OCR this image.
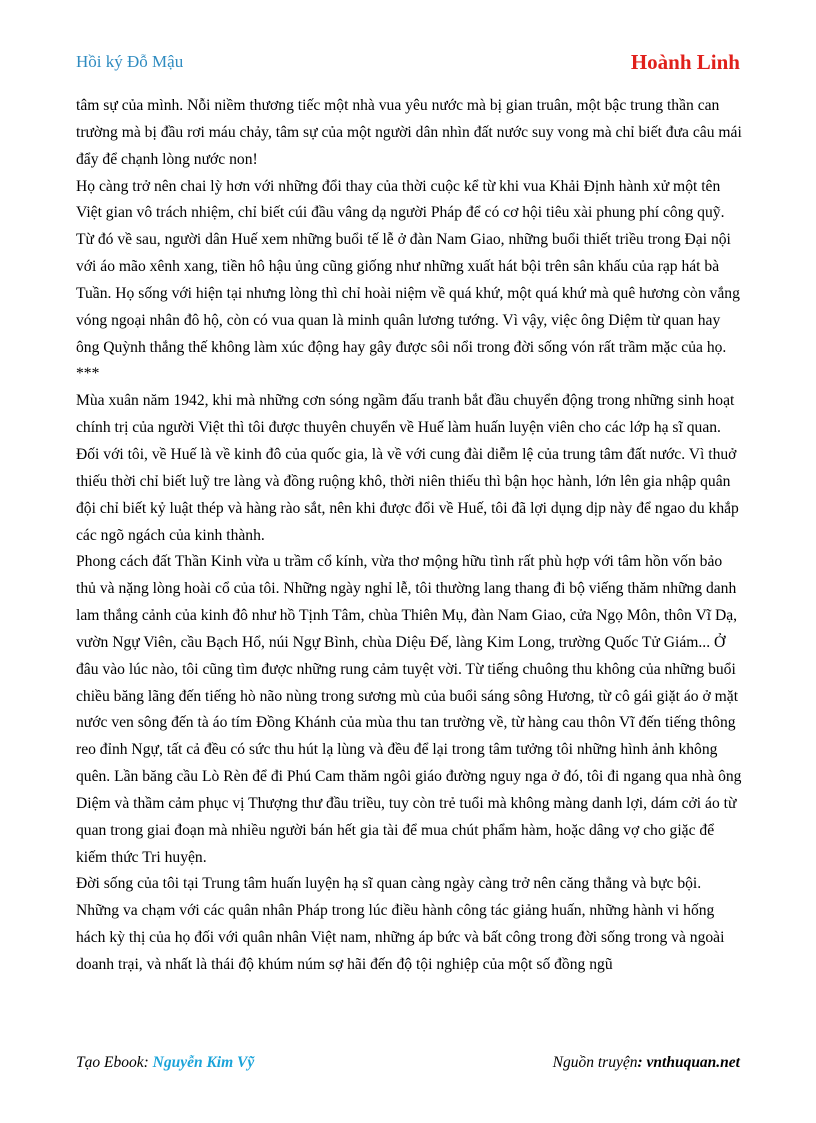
Hồi ký Đỗ Mậu	Hoành Linh

tâm sự của mình. Nỗi niềm thương tiếc một nhà vua yêu nước mà bị gian truân, một bậc trung thần can trường mà bị đầu rơi máu chảy, tâm sự của một người dân nhìn đất nước suy vong mà chỉ biết đưa câu mái đẩy để chạnh lòng nước non!

Họ càng trở nên chai lỳ hơn với những đổi thay của thời cuộc kể từ khi vua Khải Định hành xử một tên Việt gian vô trách nhiệm, chỉ biết cúi đầu vâng dạ người Pháp để có cơ hội tiêu xài phung phí công quỹ. Từ đó về sau, người dân Huế xem những buổi tế lễ ở đàn Nam Giao, những buổi thiết triều trong Đại nội với áo mão xênh xang, tiền hô hậu ủng cũng giống như những xuất hát bội trên sân khấu của rạp hát bà Tuần. Họ sống với hiện tại nhưng lòng thì chỉ hoài niệm về quá khứ, một quá khứ mà quê hương còn vắng vóng ngoại nhân đô hộ, còn có vua quan là minh quân lương tướng. Vì vậy, việc ông Diệm từ quan hay ông Quỳnh thắng thế không làm xúc động hay gây được sôi nổi trong đời sống vón rất trầm mặc của họ.

***

Mùa xuân năm 1942, khi mà những cơn sóng ngầm đấu tranh bắt đầu chuyển động trong những sinh hoạt chính trị của người Việt thì tôi được thuyên chuyển về Huế làm huấn luyện viên cho các lớp hạ sĩ quan. Đối với tôi, về Huế là về kinh đô của quốc gia, là về với cung đài diễm lệ của trung tâm đất nước. Vì thuở thiếu thời chỉ biết luỹ tre làng và đồng ruộng khô, thời niên thiếu thì bận học hành, lớn lên gia nhập quân đội chỉ biết kỷ luật thép và hàng rào sắt, nên khi được đổi về Huế, tôi đã lợi dụng dịp này để ngao du khắp các ngõ ngách của kinh thành.

Phong cách đất Thần Kinh vừa u trầm cổ kính, vừa thơ mộng hữu tình rất phù hợp với tâm hồn vốn bảo thủ và nặng lòng hoài cổ của tôi. Những ngày nghỉ lễ, tôi thường lang thang đi bộ viếng thăm những danh lam thắng cảnh của kinh đô như hồ Tịnh Tâm, chùa Thiên Mụ, đàn Nam Giao, cửa Ngọ Môn, thôn Vĩ Dạ, vườn Ngự Viên, cầu Bạch Hổ, núi Ngự Bình, chùa Diệu Đế, làng Kim Long, trường Quốc Tử Giám... Ở đâu vào lúc nào, tôi cũng tìm được những rung cảm tuyệt vời. Từ tiếng chuông thu không của những buổi chiều băng lãng đến tiếng hò não nùng trong sương mù của buổi sáng sông Hương, từ cô gái giặt áo ở mặt nước ven sông đến tà áo tím Đồng Khánh của mùa thu tan trường về, từ hàng cau thôn Vĩ đến tiếng thông reo đỉnh Ngự, tất cả đều có sức thu hút lạ lùng và đều để lại trong tâm tưởng tôi những hình ảnh không quên. Lần băng cầu Lò Rèn để đi Phú Cam thăm ngôi giáo đường nguy nga ở đó, tôi đi ngang qua nhà ông Diệm và thầm cảm phục vị Thượng thư đầu triều, tuy còn trẻ tuổi mà không màng danh lợi, dám cởi áo từ quan trong giai đoạn mà nhiều người bán hết gia tài để mua chút phẩm hàm, hoặc dâng vợ cho giặc để kiếm thức Tri huyện.

Đời sống của tôi tại Trung tâm huấn luyện hạ sĩ quan càng ngày càng trở nên căng thẳng và bực bội. Những va chạm với các quân nhân Pháp trong lúc điều hành công tác giảng huấn, những hành vi hống hách kỳ thị của họ đối với quân nhân Việt nam, những áp bức và bất công trong đời sống trong và ngoài doanh trại, và nhất là thái độ khúm núm sợ hãi đến độ tội nghiệp của một số đồng ngũ

Tạo Ebook: Nguyễn Kim Vỹ	Nguồn truyện: vnthuquan.net
